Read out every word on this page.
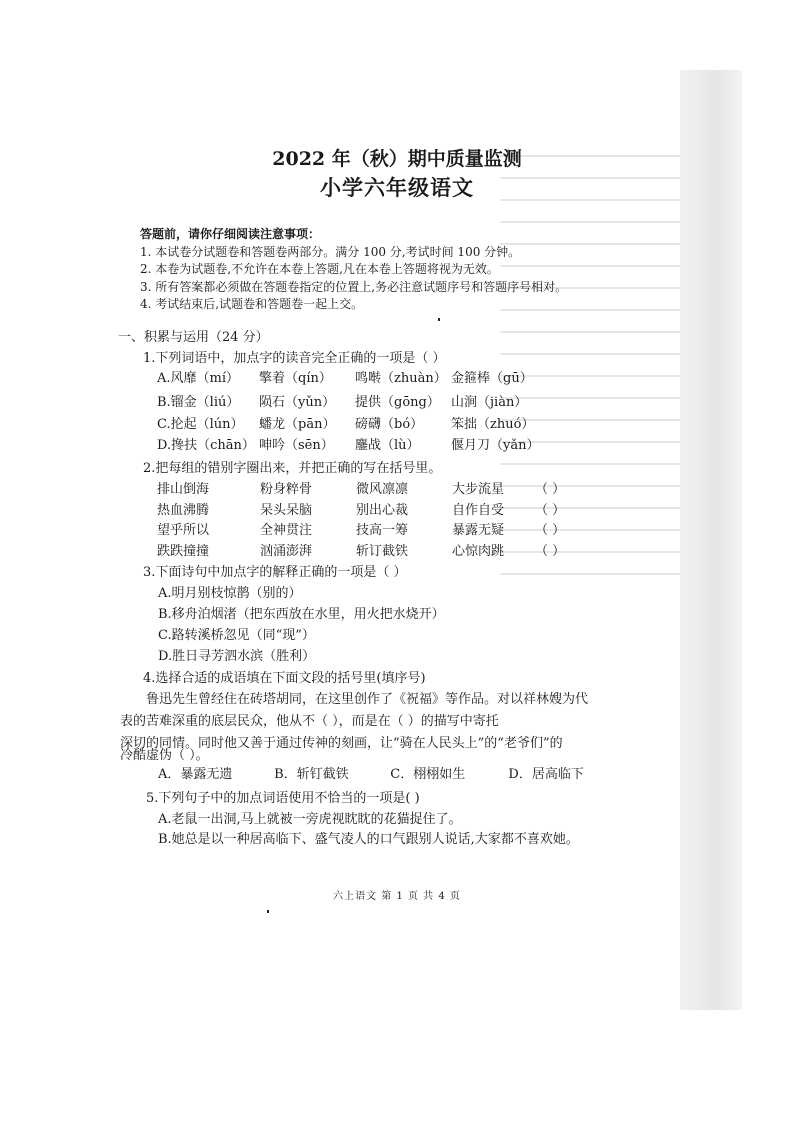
2022 年（秋）期中质量监测
小学六年级语文
答题前，请你仔细阅读注意事项：
1. 本试卷分试题卷和答题卷两部分。满分 100 分,考试时间 100 分钟。
2. 本卷为试题卷,不允许在本卷上答题,凡在本卷上答题将视为无效。
3. 所有答案都必须做在答题卷指定的位置上,务必注意试题序号和答题序号相对。
4. 考试结束后,试题卷和答题卷一起上交。
一、积累与运用（24 分）
1.下列词语中，加点字的读音完全正确的一项是（ ）
A.风靡（mí） 擎着（qín） 鸣啭（zhuàn） 金箍棒（gū）
B.镏金（liú） 陨石（yǔn） 提供（gōng） 山涧（jiàn）
C.抡起（lún） 蟠龙（pān） 磅礴（bó） 笨拙（zhuó）
D.搀扶（chān） 呻吟（sēn） 鏖战（lù） 偃月刀（yǎn）
2.把每组的错别字圈出来，并把正确的写在括号里。
排山倒海	粉身粹骨	微风凛凛	大步流星 （ ）
热血沸腾	呆头呆脑	别出心裁	自作自受 （ ）
望乎所以	全神贯注	技高一筹	暴露无疑 （ ）
跌跌撞撞	汹涌澎湃	斩订截铁	心惊肉跳 （ ）
3.下面诗句中加点字的解释正确的一项是（ ）
A.明月别枝惊鹊（别的）
B.移舟泊烟渚（把东西放在水里，用火把水烧开）
C.路转溪桥忽见（同“现”）
D.胜日寻芳泗水滨（胜利）
4.选择合适的成语填在下面文段的括号里(填序号)
鲁迅先生曾经住在砖塔胡同，在这里创作了《祝福》等作品。对以祥林嫂为代
表的苦难深重的底层民众，他从不（ ），而是在（ ）的描写中寄托
深切的同情。同时他又善于通过传神的刻画，让“骑在人民头上”的“老爷们”的
冷酷虚伪（ ）。
A．暴露无遗	B．斩钉截铁	C．栩栩如生	D．居高临下
5.下列句子中的加点词语使用不恰当的一项是( )
A.老鼠一出洞,马上就被一旁虎视眈眈的花猫捉住了。
B.她总是以一种居高临下、盛气凌人的口气跟别人说话,大家都不喜欢她。
六上语文 第 1 页 共 4 页
